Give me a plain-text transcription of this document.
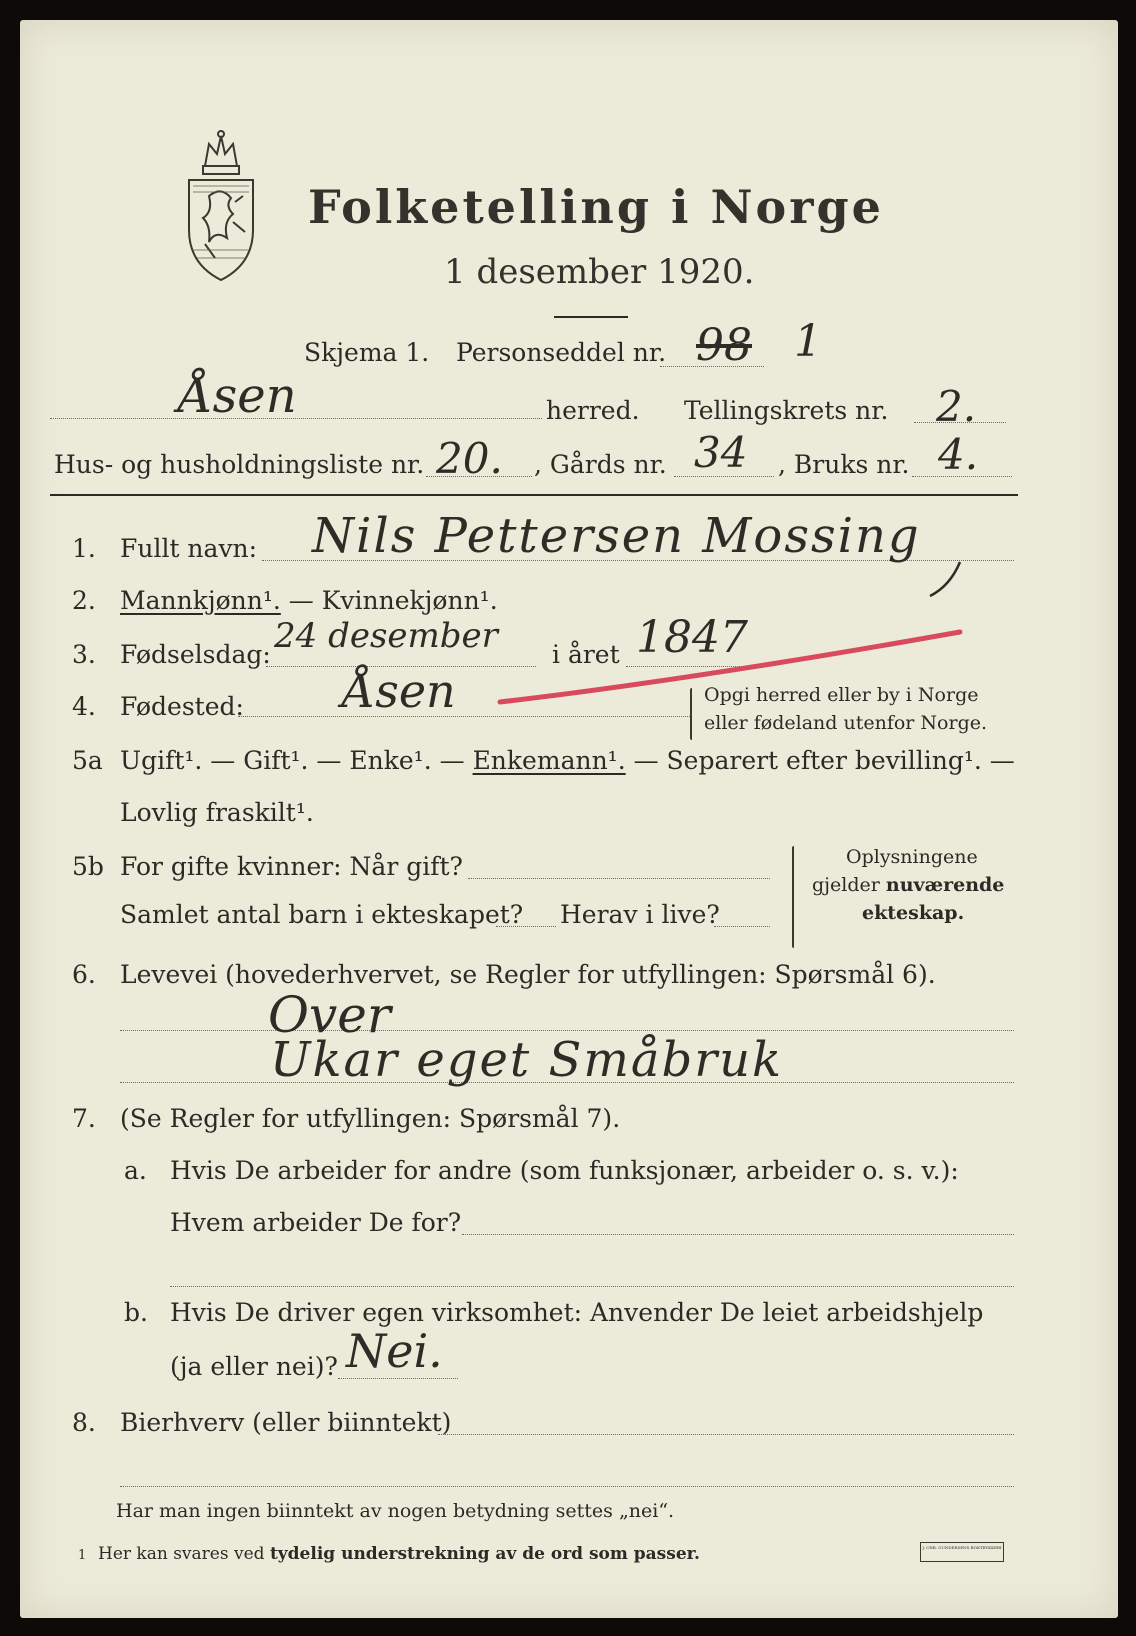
Folketelling i Norge
1 desember 1920.
Skjema 1. Personseddel nr. 98 1
Åsen	herred. Tellingskrets nr. 2.
Hus- og husholdningsliste nr. 20. , Gårds nr. 34 , Bruks nr. 4.
1. Fullt navn: Nils Pettersen Mossing
2. Mannkjønn¹. — Kvinnekjønn¹.
3. Fødselsdag: 24 desember i året 1847
4. Fødested: Åsen	Opgi herred eller by i Norge
eller fødeland utenfor Norge.
5a Ugift¹. — Gift¹. — Enke¹. — Enkemann¹. — Separert efter bevilling¹. —
Lovlig fraskilt¹.
5b For gifte kvinner: Når gift?
Samlet antal barn i ekteskapet? Herav i live?
Oplysningene
gjelder nuværende
ekteskap.
6. Levevei (hovederhvervet, se Regler for utfyllingen: Spørsmål 6).
Over
Ukar eget Småbruk
7. (Se Regler for utfyllingen: Spørsmål 7).
a. Hvis De arbeider for andre (som funksjonær, arbeider o. s. v.):
Hvem arbeider De for?
b. Hvis De driver egen virksomhet: Anvender De leiet arbeidshjelp
(ja eller nei)? Nei.
8. Bierhverv (eller biinntekt)
Har man ingen biinntekt av nogen betydning settes „nei“.
1 Her kan svares ved tydelig understrekning av de ord som passer.	J. CHR. GUNDERSENS BOKTRYKKERI
